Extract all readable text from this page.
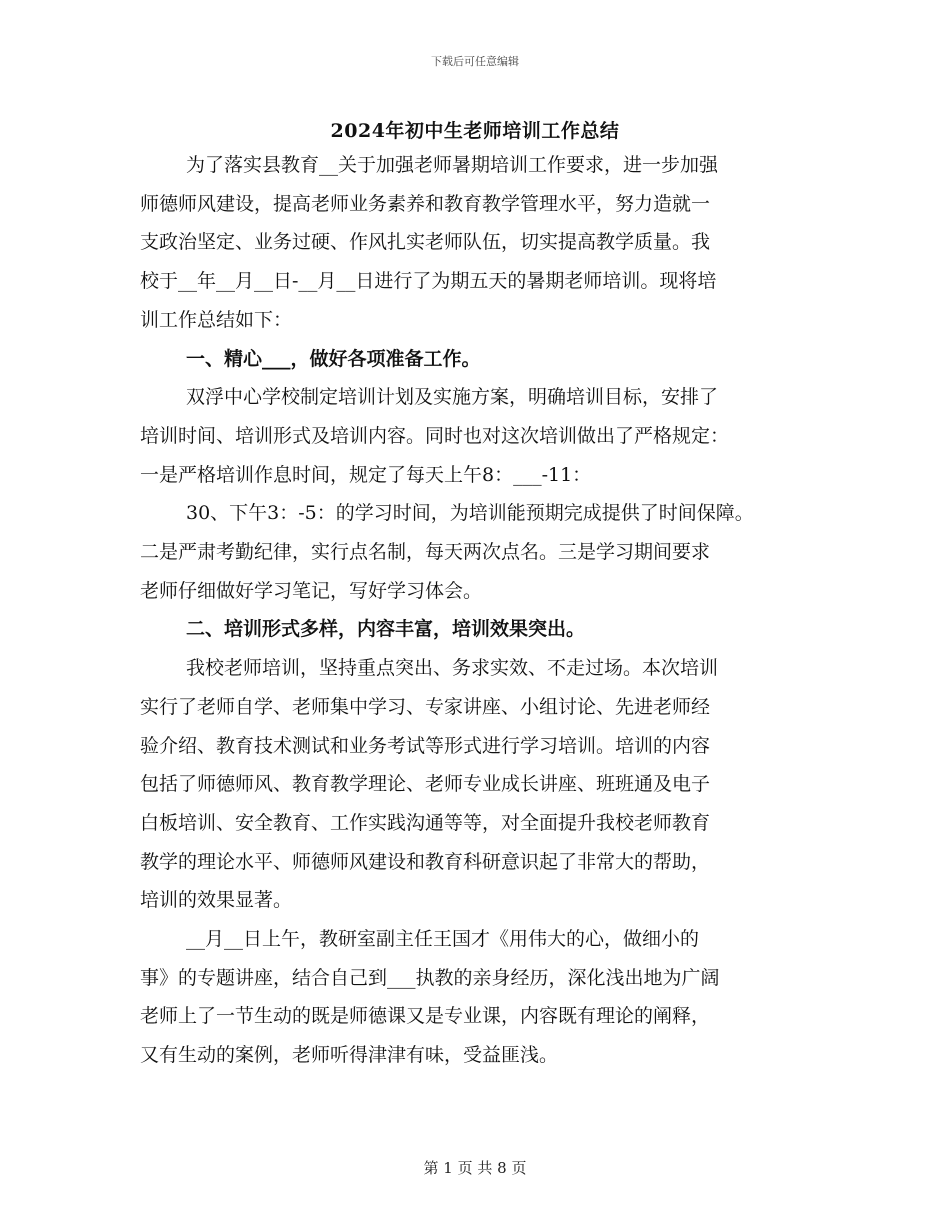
下载后可任意编辑
2024年初中生老师培训工作总结
为了落实县教育__关于加强老师暑期培训工作要求，进一步加强
师德师风建设，提高老师业务素养和教育教学管理水平，努力造就一
支政治坚定、业务过硬、作风扎实老师队伍，切实提高教学质量。我
校于__年__月__日-__月__日进行了为期五天的暑期老师培训。现将培
训工作总结如下：
一、精心___，做好各项准备工作。
双浮中心学校制定培训计划及实施方案，明确培训目标，安排了
培训时间、培训形式及培训内容。同时也对这次培训做出了严格规定：
一是严格培训作息时间，规定了每天上午8：___-11：
30、下午3：-5：的学习时间，为培训能预期完成提供了时间保障。
二是严肃考勤纪律，实行点名制，每天两次点名。三是学习期间要求
老师仔细做好学习笔记，写好学习体会。
二、培训形式多样，内容丰富，培训效果突出。
我校老师培训，坚持重点突出、务求实效、不走过场。本次培训
实行了老师自学、老师集中学习、专家讲座、小组讨论、先进老师经
验介绍、教育技术测试和业务考试等形式进行学习培训。培训的内容
包括了师德师风、教育教学理论、老师专业成长讲座、班班通及电子
白板培训、安全教育、工作实践沟通等等，对全面提升我校老师教育
教学的理论水平、师德师风建设和教育科研意识起了非常大的帮助，
培训的效果显著。
__月__日上午，教研室副主任王国才《用伟大的心，做细小的
事》的专题讲座，结合自己到___执教的亲身经历，深化浅出地为广阔
老师上了一节生动的既是师德课又是专业课，内容既有理论的阐释，
又有生动的案例，老师听得津津有味，受益匪浅。
第 1 页 共 8 页
